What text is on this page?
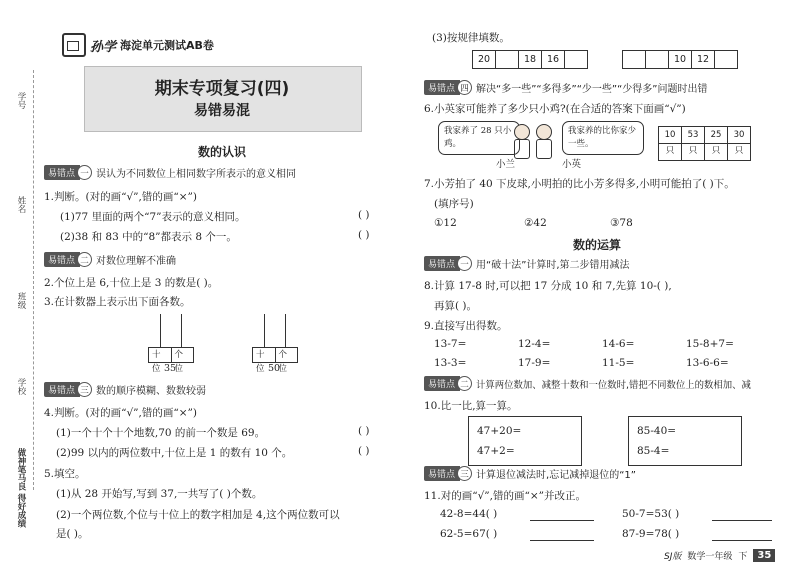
学号
姓名
班级
学校
做神笔马良 得好成绩
孙学 海淀单元测试AB卷
期末专项复习(四)
易错易混
数的认识
易错点 一 误认为不同数位上相同数字所表示的意义相同
1.判断。(对的画“√”,错的画“×”)
(1)77 里面的两个“7”表示的意义相同。	( )
(2)38 和 83 中的“8”都表示 8 个一。	( )
易错点 二 对数位理解不准确
2.个位上是 6,十位上是 3 的数是( )。
3.在计数器上表示出下面各数。
十位
个位
35
十位
个位
50
易错点 三 数的顺序模糊、数数较弱
4.判断。(对的画“√”,错的画“×”)
(1)一个十个十个地数,70 的前一个数是 69。	( )
(2)99 以内的两位数中,十位上是 1 的数有 10 个。	( )
5.填空。
(1)从 28 开始写,写到 37,一共写了( )个数。
(2)一个两位数,个位与十位上的数字相加是 4,这个两位数可以
是( )。
(3)按规律填数。
20	18	16	10	12
易错点 四 解决“多一些”“多得多”“少一些”“少得多”问题时出错
6.小英家可能养了多少只小鸡?(在合适的答案下面画“√”)
我家养了 28 只小鸡。
我家养的比你家少一些。
小兰	小英
10 只
53 只
25 只
30 只
7.小芳拍了 40 下皮球,小明拍的比小芳多得多,小明可能拍了( )下。
(填序号)
①12	②42	③78
数的运算
易错点 一 用“破十法”计算时,第二步错用减法
8.计算 17-8 时,可以把 17 分成 10 和 7,先算 10-( ),
再算( )。
9.直接写出得数。
13-7=	12-4=	14-6=	15-8+7=
13-3=	17-9=	11-5=	13-6-6=
易错点 二 计算两位数加、减整十数和一位数时,错把不同数位上的数相加、减
10.比一比,算一算。
47+20=
47+2=
85-40=
85-4=
易错点 三 计算退位减法时,忘记减掉退位的“1”
11.对的画“√”,错的画“×”并改正。
42-8=44( )	50-7=53( )
62-5=67( )	87-9=78( )
SJ版 数学一年级 下	35
